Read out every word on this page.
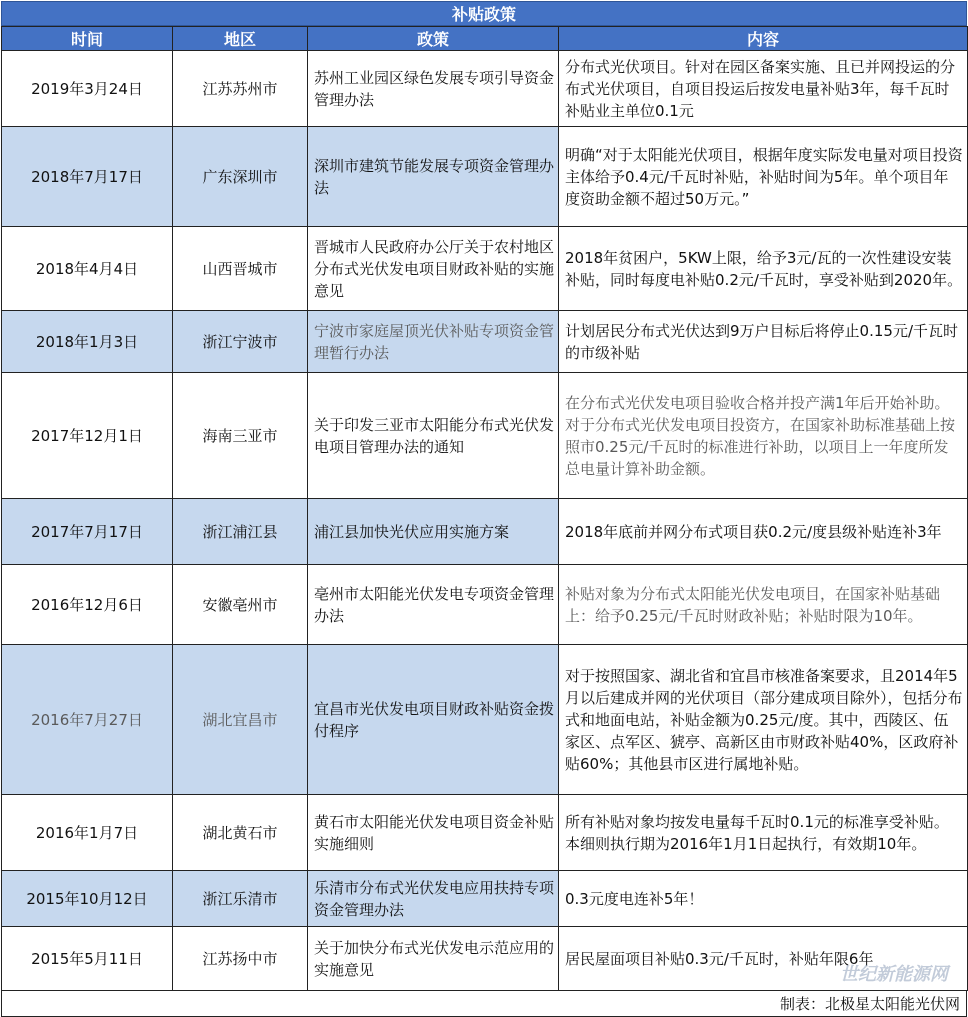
补贴政策
时间	地区	政策	内容
2019年3月24日	江苏苏州市	苏州工业园区绿色发展专项引导资金管理办法	分布式光伏项目。针对在园区备案实施、且已并网投运的分布式光伏项目，自项目投运后按发电量补贴3年，每千瓦时补贴业主单位0.1元
2018年7月17日	广东深圳市	深圳市建筑节能发展专项资金管理办法	明确“对于太阳能光伏项目，根据年度实际发电量对项目投资主体给予0.4元/千瓦时补贴，补贴时间为5年。单个项目年度资助金额不超过50万元。”
2018年4月4日	山西晋城市	晋城市人民政府办公厅关于农村地区分布式光伏发电项目财政补贴的实施意见	2018年贫困户，5KW上限，给予3元/瓦的一次性建设安装补贴，同时每度电补贴0.2元/千瓦时，享受补贴到2020年。
2018年1月3日	浙江宁波市	宁波市家庭屋顶光伏补贴专项资金管理暂行办法	计划居民分布式光伏达到9万户目标后将停止0.15元/千瓦时的市级补贴
2017年12月1日	海南三亚市	关于印发三亚市太阳能分布式光伏发电项目管理办法的通知	在分布式光伏发电项目验收合格并投产满1年后开始补助。对于分布式光伏发电项目投资方，在国家补助标准基础上按照市0.25元/千瓦时的标准进行补助，以项目上一年度所发总电量计算补助金额。
2017年7月17日	浙江浦江县	浦江县加快光伏应用实施方案	2018年底前并网分布式项目获0.2元/度县级补贴连补3年
2016年12月6日	安徽亳州市	亳州市太阳能光伏发电专项资金管理办法	补贴对象为分布式太阳能光伏发电项目，在国家补贴基础上：给予0.25元/千瓦时财政补贴；补贴时限为10年。
2016年7月27日	湖北宜昌市	宜昌市光伏发电项目财政补贴资金拨付程序	对于按照国家、湖北省和宜昌市核准备案要求，且2014年5月以后建成并网的光伏项目（部分建成项目除外），包括分布式和地面电站，补贴金额为0.25元/度。其中，西陵区、伍家区、点军区、猇亭、高新区由市财政补贴40%，区政府补贴60%；其他县市区进行属地补贴。
2016年1月7日	湖北黄石市	黄石市太阳能光伏发电项目资金补贴实施细则	所有补贴对象均按发电量每千瓦时0.1元的标准享受补贴。本细则执行期为2016年1月1日起执行，有效期10年。
2015年10月12日	浙江乐清市	乐清市分布式光伏发电应用扶持专项资金管理办法	0.3元度电连补5年！
2015年5月11日	江苏扬中市	关于加快分布式光伏发电示范应用的实施意见	居民屋面项目补贴0.3元/千瓦时，补贴年限6年
制表：北极星太阳能光伏网
世纪新能源网
